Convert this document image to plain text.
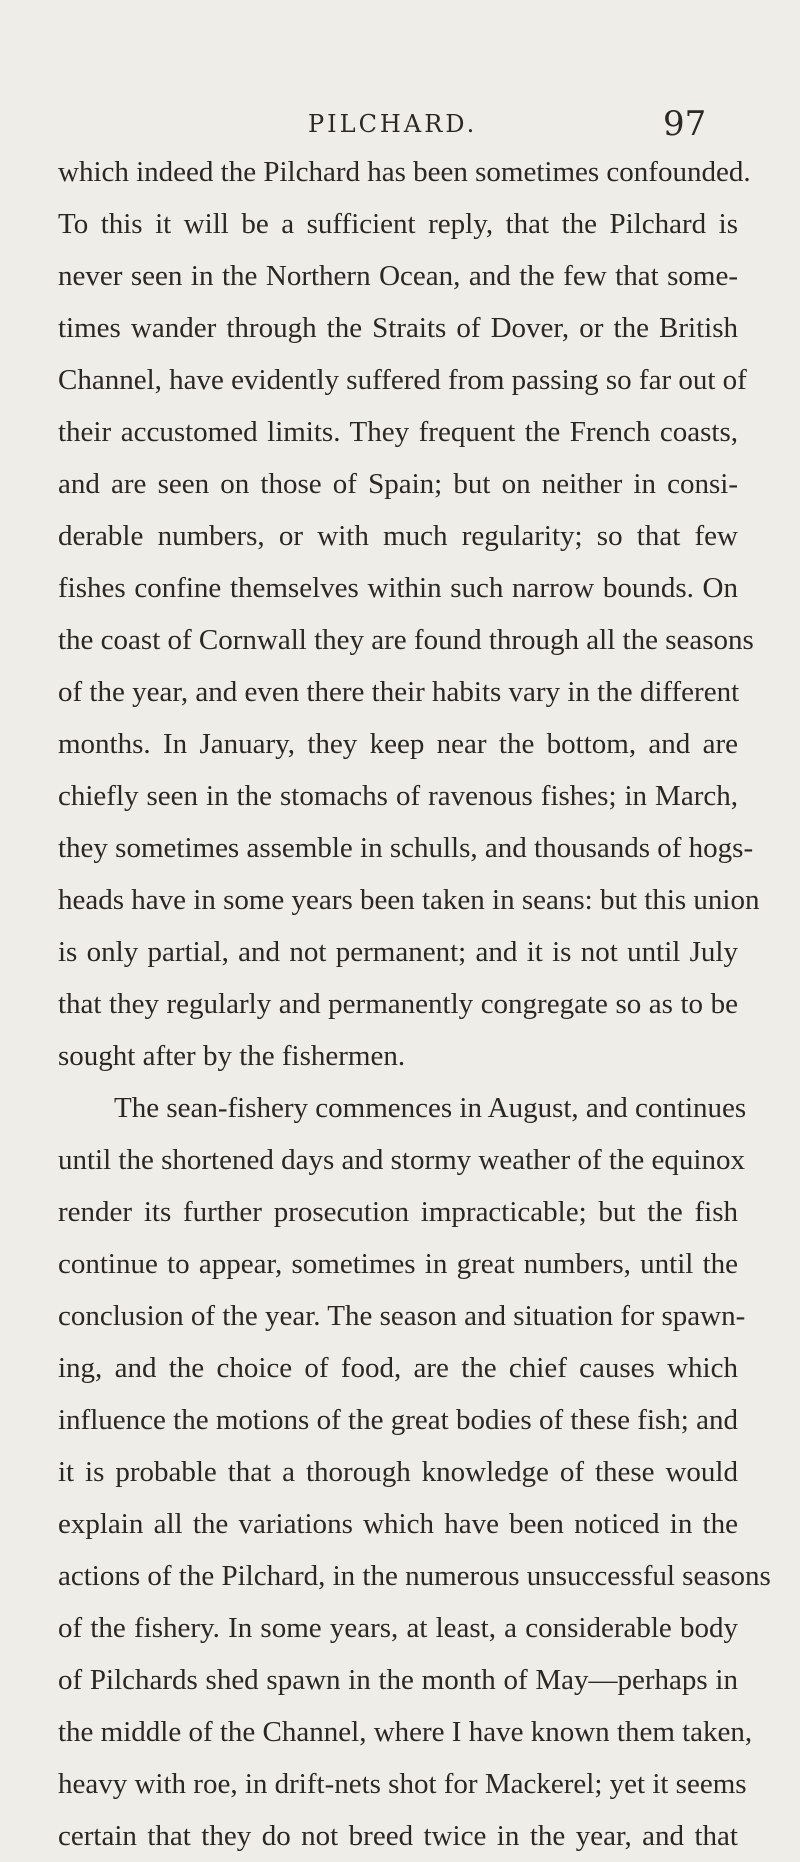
PILCHARD.	97
which indeed the Pilchard has been sometimes confounded.
To this it will be a sufficient reply, that the Pilchard is
never seen in the Northern Ocean, and the few that some-
times wander through the Straits of Dover, or the British
Channel, have evidently suffered from passing so far out of
their accustomed limits. They frequent the French coasts,
and are seen on those of Spain; but on neither in consi-
derable numbers, or with much regularity; so that few
fishes confine themselves within such narrow bounds. On
the coast of Cornwall they are found through all the seasons
of the year, and even there their habits vary in the different
months. In January, they keep near the bottom, and are
chiefly seen in the stomachs of ravenous fishes; in March,
they sometimes assemble in schulls, and thousands of hogs-
heads have in some years been taken in seans: but this union
is only partial, and not permanent; and it is not until July
that they regularly and permanently congregate so as to be
sought after by the fishermen.
The sean-fishery commences in August, and continues
until the shortened days and stormy weather of the equinox
render its further prosecution impracticable; but the fish
continue to appear, sometimes in great numbers, until the
conclusion of the year. The season and situation for spawn-
ing, and the choice of food, are the chief causes which
influence the motions of the great bodies of these fish; and
it is probable that a thorough knowledge of these would
explain all the variations which have been noticed in the
actions of the Pilchard, in the numerous unsuccessful seasons
of the fishery. In some years, at least, a considerable body
of Pilchards shed spawn in the month of May—perhaps in
the middle of the Channel, where I have known them taken,
heavy with roe, in drift-nets shot for Mackerel; yet it seems
certain that they do not breed twice in the year, and that
